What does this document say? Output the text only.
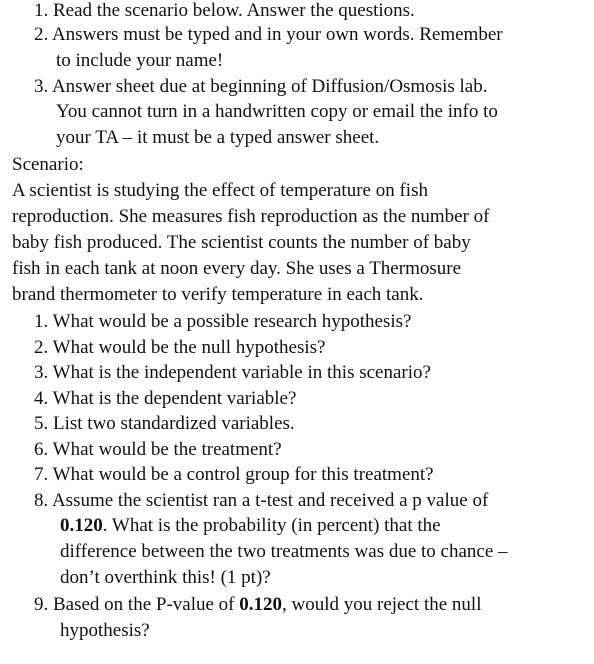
1. Read the scenario below. Answer the questions.
2. Answers must be typed and in your own words. Remember
to include your name!
3. Answer sheet due at beginning of Diffusion/Osmosis lab.
You cannot turn in a handwritten copy or email the info to
your TA – it must be a typed answer sheet.
Scenario:
A scientist is studying the effect of temperature on fish
reproduction. She measures fish reproduction as the number of
baby fish produced. The scientist counts the number of baby
fish in each tank at noon every day. She uses a Thermosure
brand thermometer to verify temperature in each tank.
1. What would be a possible research hypothesis?
2. What would be the null hypothesis?
3. What is the independent variable in this scenario?
4. What is the dependent variable?
5. List two standardized variables.
6. What would be the treatment?
7. What would be a control group for this treatment?
8. Assume the scientist ran a t-test and received a p value of
0.120. What is the probability (in percent) that the
difference between the two treatments was due to chance –
don’t overthink this! (1 pt)?
9. Based on the P-value of 0.120, would you reject the null
hypothesis?
